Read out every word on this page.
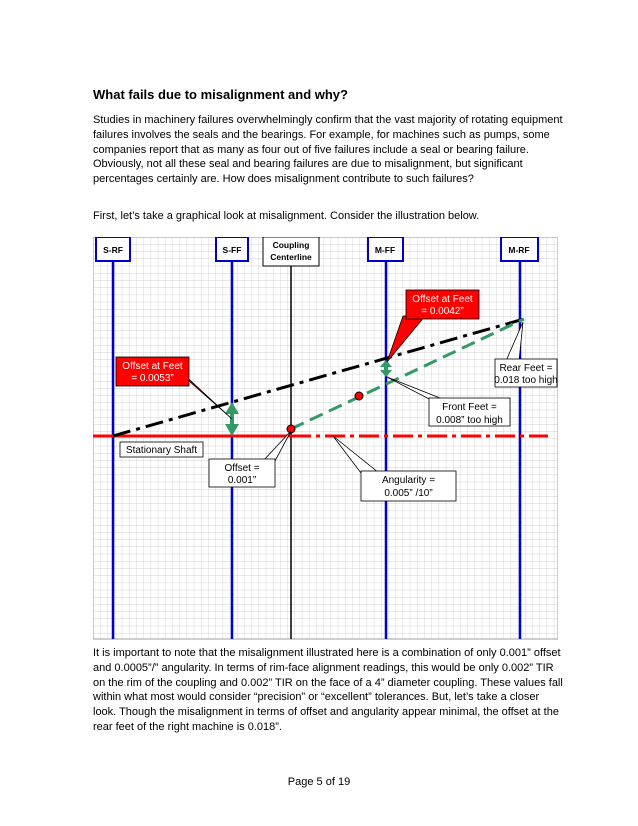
What fails due to misalignment and why?

Studies in machinery failures overwhelmingly confirm that the vast majority of rotating equipment failures involves the seals and the bearings. For example, for machines such as pumps, some companies report that as many as four out of five failures include a seal or bearing failure. Obviously, not all these seal and bearing failures are due to misalignment, but significant percentages certainly are. How does misalignment contribute to such failures?

First, let’s take a graphical look at misalignment. Consider the illustration below.

S-RF	S-FF	Coupling
Centerline
M-FF	M-RF
Offset at Feet
= 0.0042”
Offset at Feet
= 0.0053”
Rear Feet =
0.018 too high
Front Feet =
0.008” too high
Stationary Shaft
Offset =
0.001”	Angularity =
0.005” /10”

It is important to note that the misalignment illustrated here is a combination of only 0.001” offset and 0.0005”/” angularity. In terms of rim-face alignment readings, this would be only 0.002” TIR on the rim of the coupling and 0.002” TIR on the face of a 4” diameter coupling. These values fall within what most would consider “precision” or “excellent” tolerances. But, let’s take a closer look. Though the misalignment in terms of offset and angularity appear minimal, the offset at the rear feet of the right machine is 0.018”.

Page 5 of 19
